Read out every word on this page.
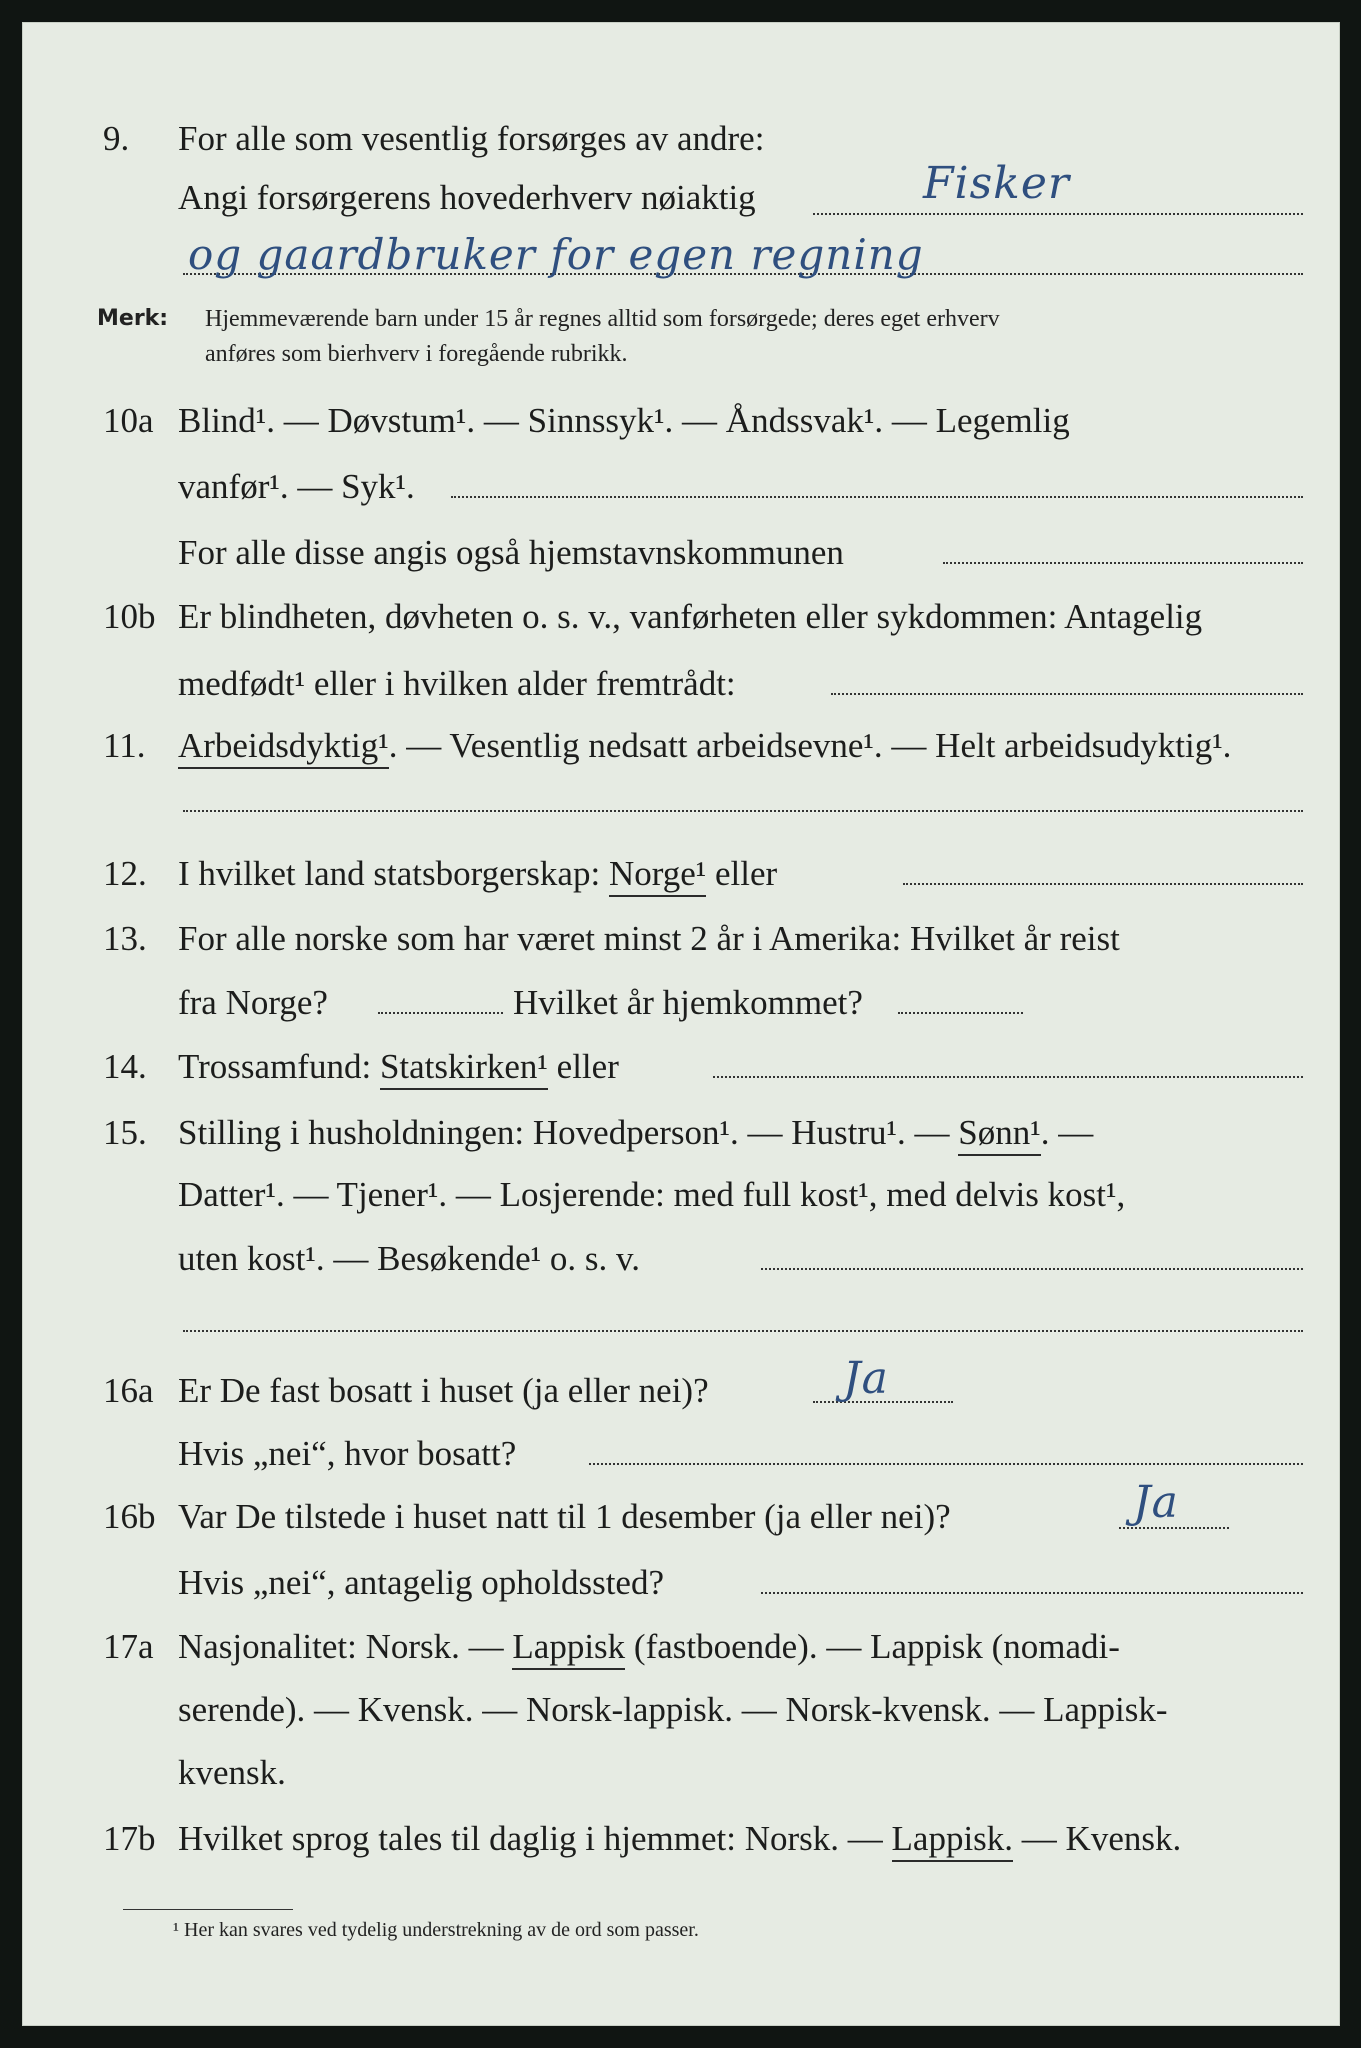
9. For alle som vesentlig forsørges av andre:
Angi forsørgerens hovederhverv nøiaktig	Fisker
og gaardbruker for egen regning
Merk: Hjemmeværende barn under 15 år regnes alltid som forsørgede; deres eget erhverv
anføres som bierhverv i foregående rubrikk.
10a Blind¹. — Døvstum¹. — Sinnssyk¹. — Åndssvak¹. — Legemlig
vanfør¹. — Syk¹.
For alle disse angis også hjemstavnskommunen
10b Er blindheten, døvheten o. s. v., vanførheten eller sykdommen: Antagelig
medfødt¹ eller i hvilken alder fremtrådt:
11. Arbeidsdyktig¹. — Vesentlig nedsatt arbeidsevne¹. — Helt arbeidsudyktig¹.
12. I hvilket land statsborgerskap: Norge¹ eller
13. For alle norske som har været minst 2 år i Amerika: Hvilket år reist
fra Norge?	Hvilket år hjemkommet?
14. Trossamfund: Statskirken¹ eller
15. Stilling i husholdningen: Hovedperson¹. — Hustru¹. — Sønn¹. —
Datter¹. — Tjener¹. — Losjerende: med full kost¹, med delvis kost¹,
uten kost¹. — Besøkende¹ o. s. v.
16a Er De fast bosatt i huset (ja eller nei)?	Ja
Hvis „nei“, hvor bosatt?
16b Var De tilstede i huset natt til 1 desember (ja eller nei)?	Ja
Hvis „nei“, antagelig opholdssted?
17a Nasjonalitet: Norsk. — Lappisk (fastboende). — Lappisk (nomadi-
serende). — Kvensk. — Norsk-lappisk. — Norsk-kvensk. — Lappisk-
kvensk.
17b Hvilket sprog tales til daglig i hjemmet: Norsk. — Lappisk. — Kvensk.
¹ Her kan svares ved tydelig understrekning av de ord som passer.
